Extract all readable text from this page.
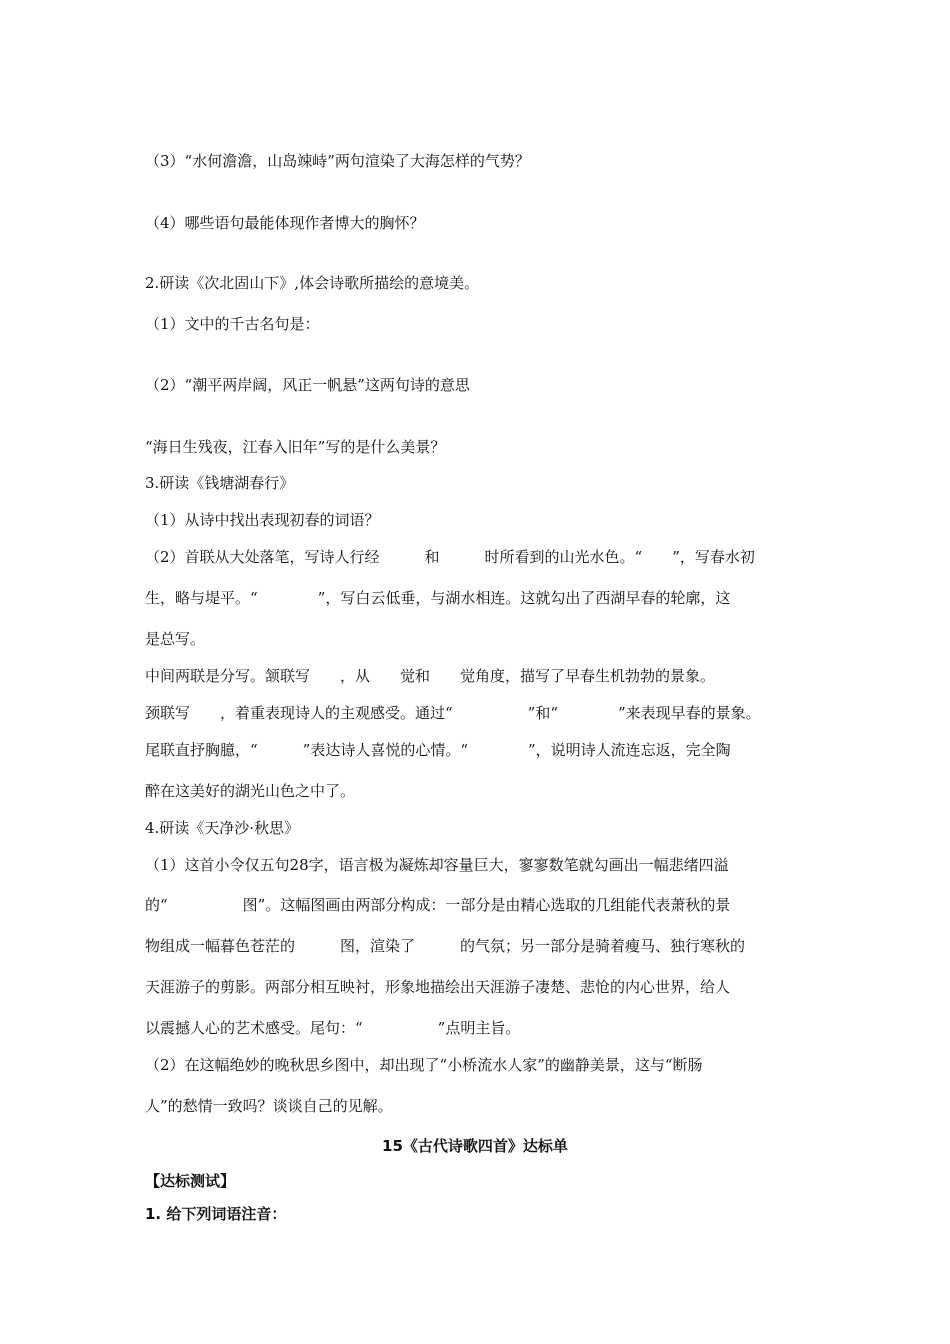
（3）“水何澹澹，山岛竦峙”两句渲染了大海怎样的气势？
（4）哪些语句最能体现作者博大的胸怀？
2.研读《次北固山下》,体会诗歌所描绘的意境美。
（1）文中的千古名句是：
（2）“潮平两岸阔，风正一帆悬”这两句诗的意思
“海日生残夜，江春入旧年”写的是什么美景？
3.研读《钱塘湖春行》
（1）从诗中找出表现初春的词语？
（2）首联从大处落笔，写诗人行经　　　和　　　时所看到的山光水色。“　　”，写春水初
生，略与堤平。“　　　　”，写白云低垂，与湖水相连。这就勾出了西湖早春的轮廓，这
是总写。
中间两联是分写。颔联写　　，从　　觉和　　觉角度，描写了早春生机勃勃的景象。
颈联写　　，着重表现诗人的主观感受。通过“　　　　　”和“　　　　”来表现早春的景象。
尾联直抒胸臆，“　　　”表达诗人喜悦的心情。“　　　　”，说明诗人流连忘返，完全陶
醉在这美好的湖光山色之中了。
4.研读《天净沙·秋思》
（1）这首小令仅五句28字，语言极为凝炼却容量巨大，寥寥数笔就勾画出一幅悲绪四溢
的“　　　　　图”。这幅图画由两部分构成：一部分是由精心选取的几组能代表萧秋的景
物组成一幅暮色苍茫的　　　图，渲染了　　　的气氛；另一部分是骑着瘦马、独行寒秋的
天涯游子的剪影。两部分相互映衬，形象地描绘出天涯游子凄楚、悲怆的内心世界，给人
以震撼人心的艺术感受。尾句：“　　　　　”点明主旨。
（2）在这幅绝妙的晚秋思乡图中，却出现了“小桥流水人家”的幽静美景，这与“断肠
人”的愁情一致吗？谈谈自己的见解。
15《古代诗歌四首》达标单
【达标测试】
1. 给下列词语注音：
